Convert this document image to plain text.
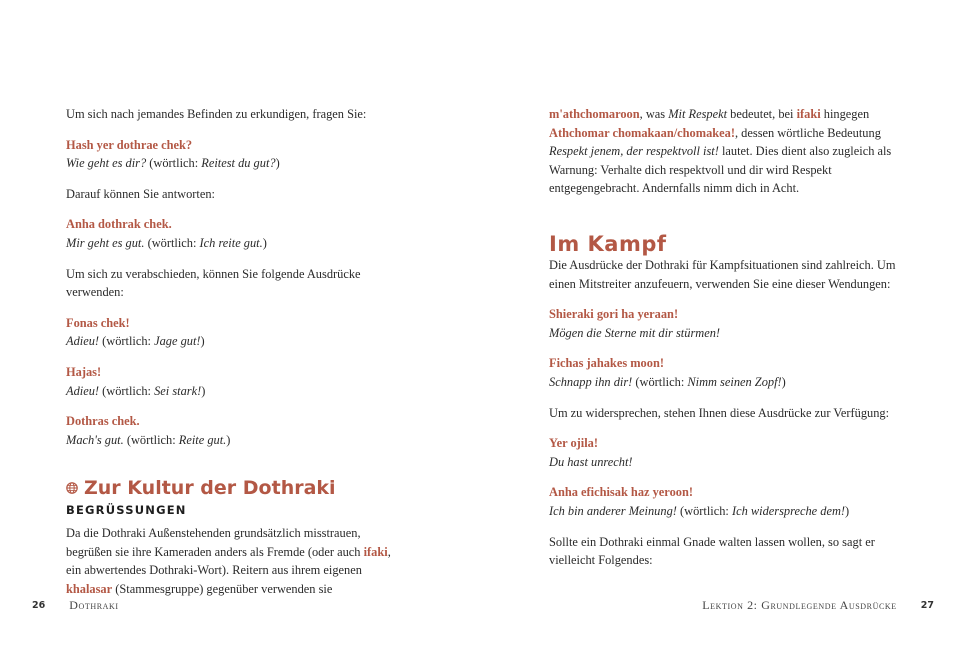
Um sich nach jemandes Befinden zu erkundigen, fragen Sie:

Hash yer dothrae chek?

Wie geht es dir? (wörtlich: Reitest du gut?)

Darauf können Sie antworten:

Anha dothrak chek.

Mir geht es gut. (wörtlich: Ich reite gut.)

Um sich zu verabschieden, können Sie folgende Ausdrücke verwenden:

Fonas chek!

Adieu! (wörtlich: Jage gut!)

Hajas!

Adieu! (wörtlich: Sei stark!)

Dothras chek.

Mach's gut. (wörtlich: Reite gut.)

Zur Kultur der Dothraki

BEGRÜSSUNGEN

Da die Dothraki Außenstehenden grundsätzlich misstrauen, begrüßen sie ihre Kameraden anders als Fremde (oder auch ifaki, ein abwertendes Dothraki-Wort). Reitern aus ihrem eigenen khalasar (Stammesgruppe) gegenüber verwenden sie

26 Dothraki

m'athchomaroon, was Mit Respekt bedeutet, bei ifaki hingegen Athchomar chomakaan/chomakea!, dessen wörtliche Bedeutung Respekt jenem, der respektvoll ist! lautet. Dies dient also zugleich als Warnung: Verhalte dich respektvoll und dir wird Respekt entgegengebracht. Andernfalls nimm dich in Acht.

Im Kampf

Die Ausdrücke der Dothraki für Kampfsituationen sind zahlreich. Um einen Mitstreiter anzufeuern, verwenden Sie eine dieser Wendungen:

Shieraki gori ha yeraan!

Mögen die Sterne mit dir stürmen!

Fichas jahakes moon!

Schnapp ihn dir! (wörtlich: Nimm seinen Zopf!)

Um zu widersprechen, stehen Ihnen diese Ausdrücke zur Verfügung:

Yer ojila!

Du hast unrecht!

Anha efichisak haz yeroon!

Ich bin anderer Meinung! (wörtlich: Ich widerspreche dem!)

Sollte ein Dothraki einmal Gnade walten lassen wollen, so sagt er vielleicht Folgendes:

Lektion 2: Grundlegende Ausdrücke	27
